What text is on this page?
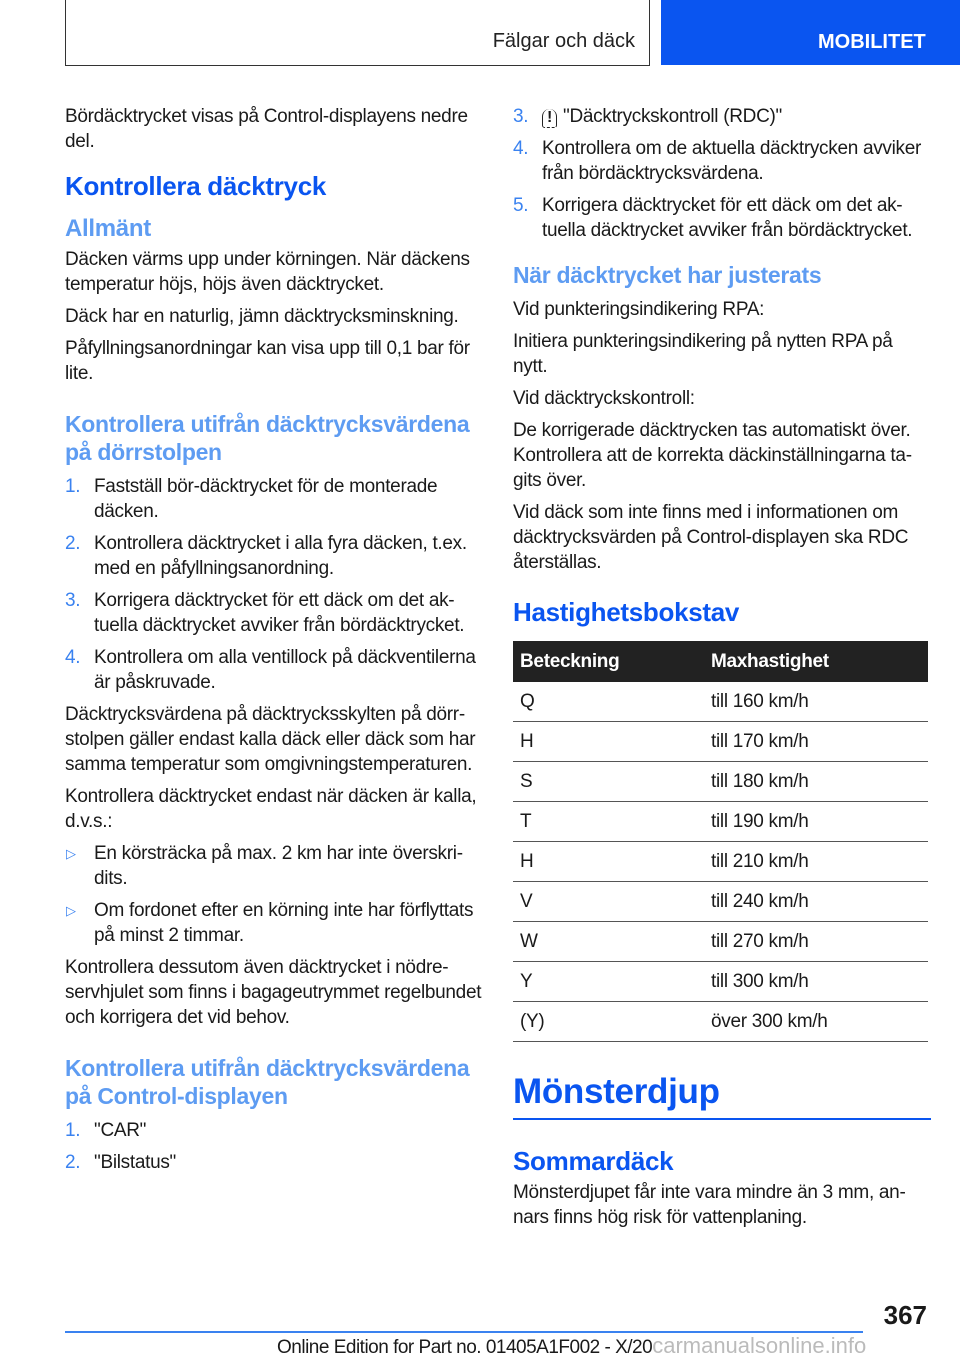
Fälgar och däck	MOBILITET

Bördäcktrycket visas på Control-displayens nedre del.

Kontrollera däcktryck
Allmänt

Däcken värms upp under körningen. När däckens temperatur höjs, höjs även däcktrycket.

Däck har en naturlig, jämn däcktrycksminskning.

Påfyllningsanordningar kan visa upp till 0,1 bar för lite.

Kontrollera utifrån däcktrycksvärdena på dörrstolpen
1. Fastställ bör-däcktrycket för de monterade däcken.
2. Kontrollera däcktrycket i alla fyra däcken, t.ex. med en påfyllningsanordning.
3. Korrigera däcktrycket för ett däck om det aktuella däcktrycket avviker från bördäcktrycket.
4. Kontrollera om alla ventillock på däckventilerna är påskruvade.

Däcktrycksvärdena på däcktrycksskylten på dörrstolpen gäller endast kalla däck eller däck som har samma temperatur som omgivningstemperaturen.

Kontrollera däcktrycket endast när däcken är kalla, d.v.s.:

▷ En körsträcka på max. 2 km har inte överskridits.
▷ Om fordonet efter en körning inte har förflyttats på minst 2 timmar.

Kontrollera dessutom även däcktrycket i nödreservhjulet som finns i bagageutrymmet regelbundet och korrigera det vid behov.

Kontrollera utifrån däcktrycksvärdena på Control-displayen
1. "CAR"
2. "Bilstatus"
3. ! "Däcktryckskontroll (RDC)"
4. Kontrollera om de aktuella däcktrycken avviker från bördäcktrycksvärdena.
5. Korrigera däcktrycket för ett däck om det aktuella däcktrycket avviker från bördäcktrycket.
När däcktrycket har justerats

Vid punkteringsindikering RPA:

Initiera punkteringsindikering på nytten RPA på nytt.

Vid däcktryckskontroll:

De korrigerade däcktrycken tas automatiskt över. Kontrollera att de korrekta däckinställningarna tagits över.

Vid däck som inte finns med i informationen om däcktrycksvärden på Control-displayen ska RDC återställas.

Hastighetsbokstav
Beteckning	Maxhastighet
Q	till 160 km/h
H	till 170 km/h
S	till 180 km/h
T	till 190 km/h
H	till 210 km/h
V	till 240 km/h
W	till 270 km/h
Y	till 300 km/h
(Y)	över 300 km/h
Mönsterdjup
Sommardäck

Mönsterdjupet får inte vara mindre än 3 mm, annars finns hög risk för vattenplaning.

367
Online Edition for Part no. 01405A1F002 - X/20carmanualsonline.info
